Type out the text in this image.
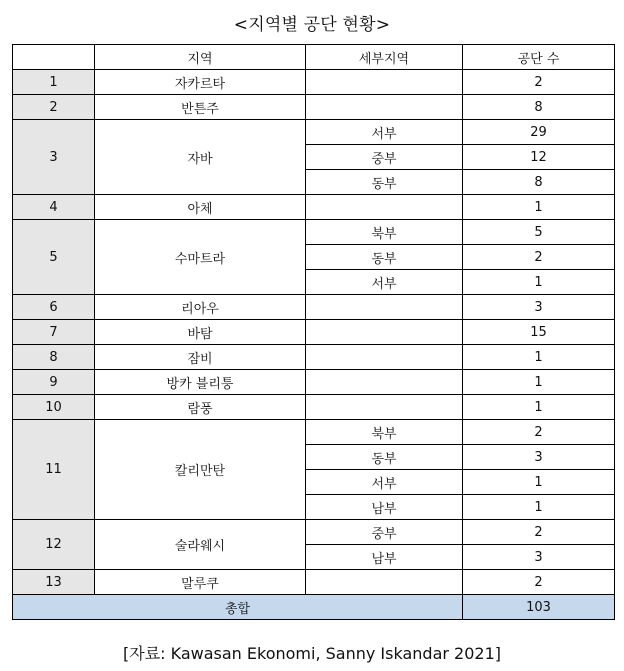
<지역별 공단 현황>
	지역	세부지역	공단 수
1	자카르타		2
2	반튼주		8
3	자바	서부	29
		중부	12
		동부	8
4	아체		1
5	수마트라	북부	5
		동부	2
		서부	1
6	리아우		3
7	바탐		15
8	잠비		1
9	방카 블리퉁		1
10	람풍		1
11	칼리만탄	북부	2
		동부	3
		서부	1
		남부	1
12	술라웨시	중부	2
		남부	3
13	말루쿠		2
총합			103
[자료: Kawasan Ekonomi, Sanny Iskandar 2021]
